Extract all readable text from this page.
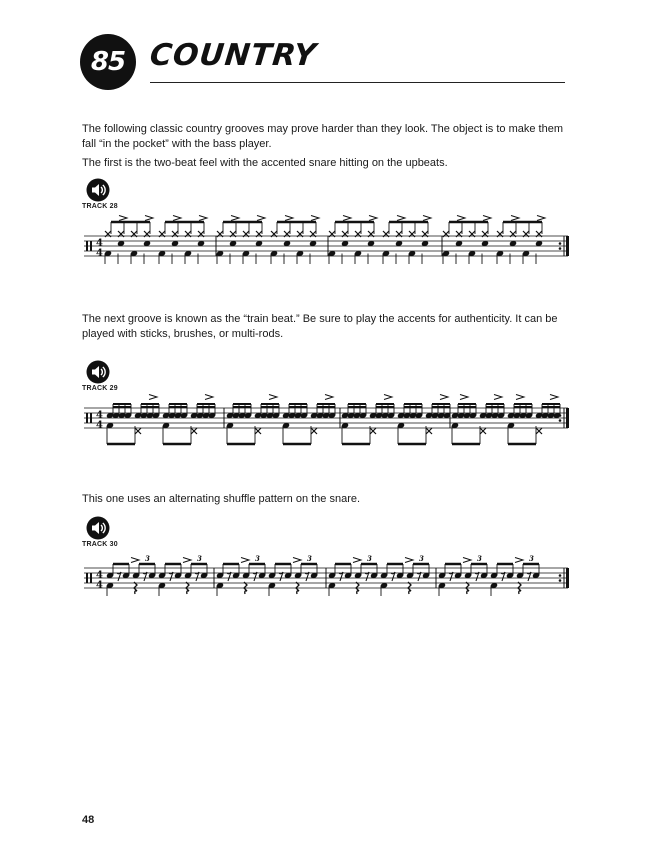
85 COUNTRY

The following classic country grooves may prove harder than they look. The object is to make them fall “in the pocket” with the bass player.

The first is the two-beat feel with the accented snare hitting on the upbeats.

TRACK 28
4
4

The next groove is known as the “train beat.” Be sure to play the accents for authenticity. It can be played with sticks, brushes, or multi-rods.

TRACK 29
4
4

This one uses an alternating shuffle pattern on the snare.

TRACK 30
4
4
3	3	3	3	3	3	3	3
48
